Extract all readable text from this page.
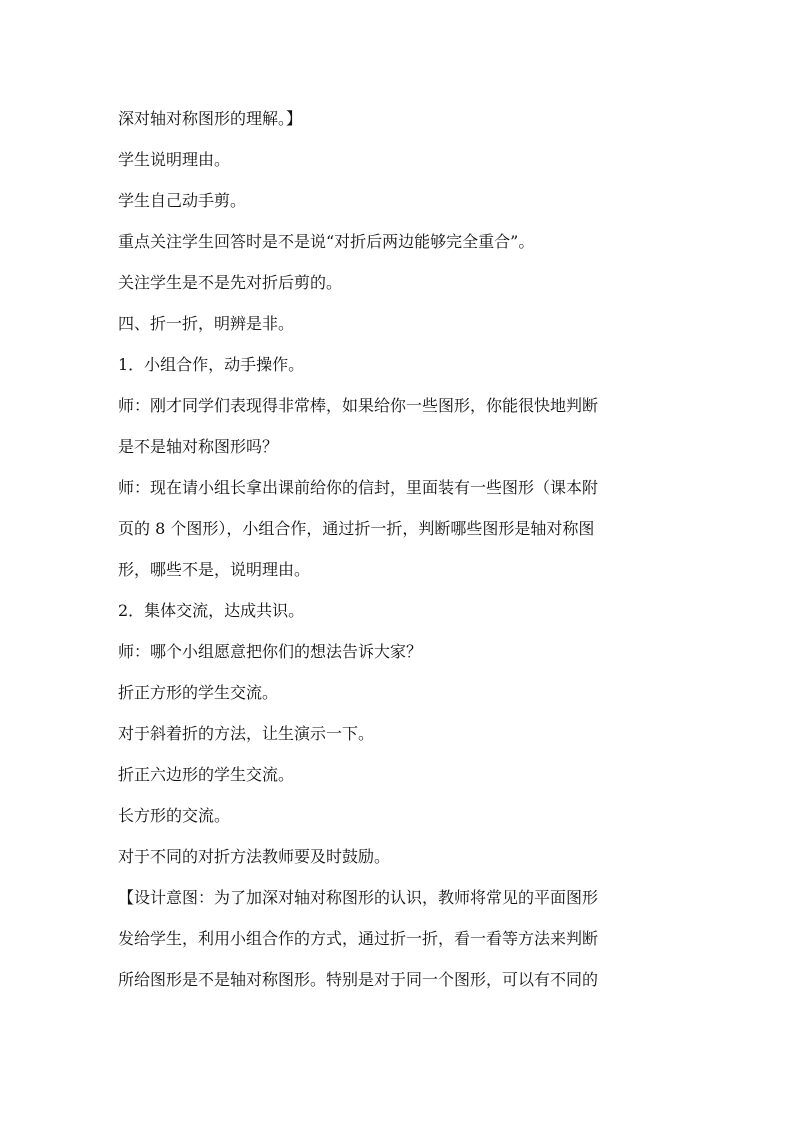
深对轴对称图形的理解。】
学生说明理由。
学生自己动手剪。
重点关注学生回答时是不是说“对折后两边能够完全重合”。
关注学生是不是先对折后剪的。
四、折一折，明辨是非。
1．小组合作，动手操作。
师：刚才同学们表现得非常棒，如果给你一些图形，你能很快地判断
是不是轴对称图形吗？
师：现在请小组长拿出课前给你的信封，里面装有一些图形（课本附
页的 8 个图形），小组合作，通过折一折，判断哪些图形是轴对称图
形，哪些不是，说明理由。
2．集体交流，达成共识。
师：哪个小组愿意把你们的想法告诉大家？
折正方形的学生交流。
对于斜着折的方法，让生演示一下。
折正六边形的学生交流。
长方形的交流。
对于不同的对折方法教师要及时鼓励。
【设计意图：为了加深对轴对称图形的认识，教师将常见的平面图形
发给学生，利用小组合作的方式，通过折一折，看一看等方法来判断
所给图形是不是轴对称图形。特别是对于同一个图形，可以有不同的
